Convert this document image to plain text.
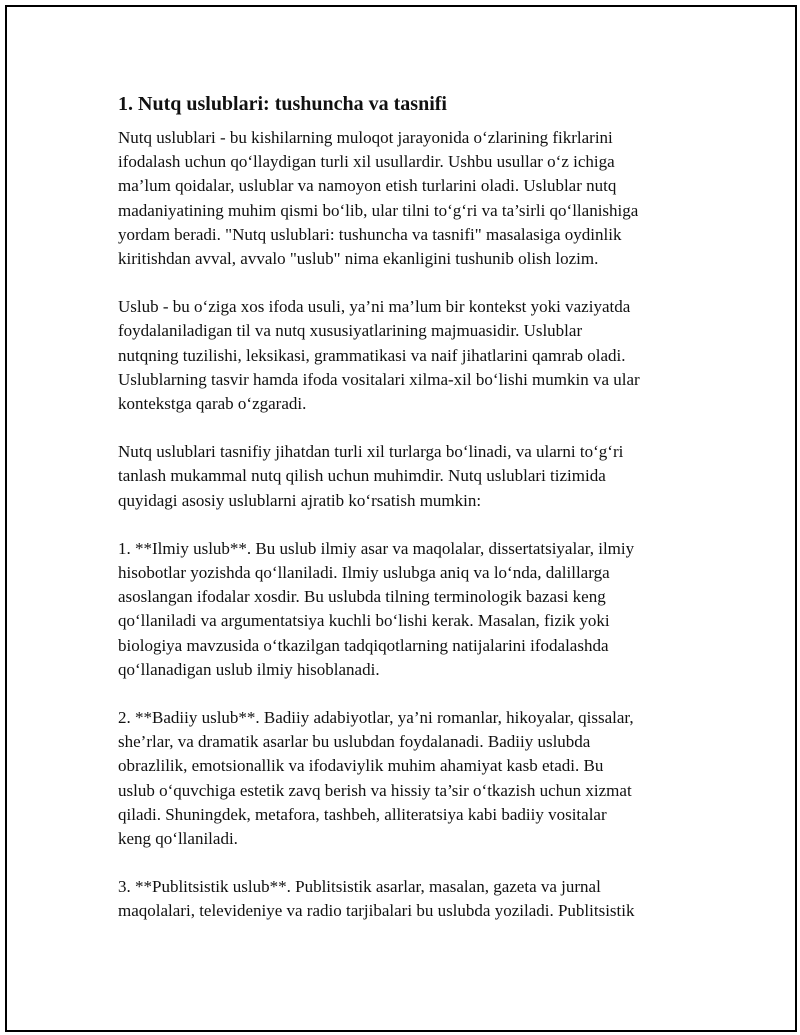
1. Nutq uslublari: tushuncha va tasnifi

Nutq uslublari - bu kishilarning muloqot jarayonida o‘zlarining fikrlarini
ifodalash uchun qo‘llaydigan turli xil usullardir. Ushbu usullar o‘z ichiga
ma’lum qoidalar, uslublar va namoyon etish turlarini oladi. Uslublar nutq
madaniyatining muhim qismi bo‘lib, ular tilni to‘g‘ri va ta’sirli qo‘llanishiga
yordam beradi. "Nutq uslublari: tushuncha va tasnifi" masalasiga oydinlik
kiritishdan avval, avvalo "uslub" nima ekanligini tushunib olish lozim.

Uslub - bu o‘ziga xos ifoda usuli, ya’ni ma’lum bir kontekst yoki vaziyatda
foydalaniladigan til va nutq xususiyatlarining majmuasidir. Uslublar
nutqning tuzilishi, leksikasi, grammatikasi va naif jihatlarini qamrab oladi.
Uslublarning tasvir hamda ifoda vositalari xilma-xil bo‘lishi mumkin va ular
kontekstga qarab o‘zgaradi.

Nutq uslublari tasnifiy jihatdan turli xil turlarga bo‘linadi, va ularni to‘g‘ri
tanlash mukammal nutq qilish uchun muhimdir. Nutq uslublari tizimida
quyidagi asosiy uslublarni ajratib ko‘rsatish mumkin:

1. **Ilmiy uslub**. Bu uslub ilmiy asar va maqolalar, dissertatsiyalar, ilmiy
hisobotlar yozishda qo‘llaniladi. Ilmiy uslubga aniq va lo‘nda, dalillarga
asoslangan ifodalar xosdir. Bu uslubda tilning terminologik bazasi keng
qo‘llaniladi va argumentatsiya kuchli bo‘lishi kerak. Masalan, fizik yoki
biologiya mavzusida o‘tkazilgan tadqiqotlarning natijalarini ifodalashda
qo‘llanadigan uslub ilmiy hisoblanadi.

2. **Badiiy uslub**. Badiiy adabiyotlar, ya’ni romanlar, hikoyalar, qissalar,
she’rlar, va dramatik asarlar bu uslubdan foydalanadi. Badiiy uslubda
obrazlilik, emotsionallik va ifodaviylik muhim ahamiyat kasb etadi. Bu
uslub o‘quvchiga estetik zavq berish va hissiy ta’sir o‘tkazish uchun xizmat
qiladi. Shuningdek, metafora, tashbeh, alliteratsiya kabi badiiy vositalar
keng qo‘llaniladi.

3. **Publitsistik uslub**. Publitsistik asarlar, masalan, gazeta va jurnal
maqolalari, televideniye va radio tarjibalari bu uslubda yoziladi. Publitsistik
